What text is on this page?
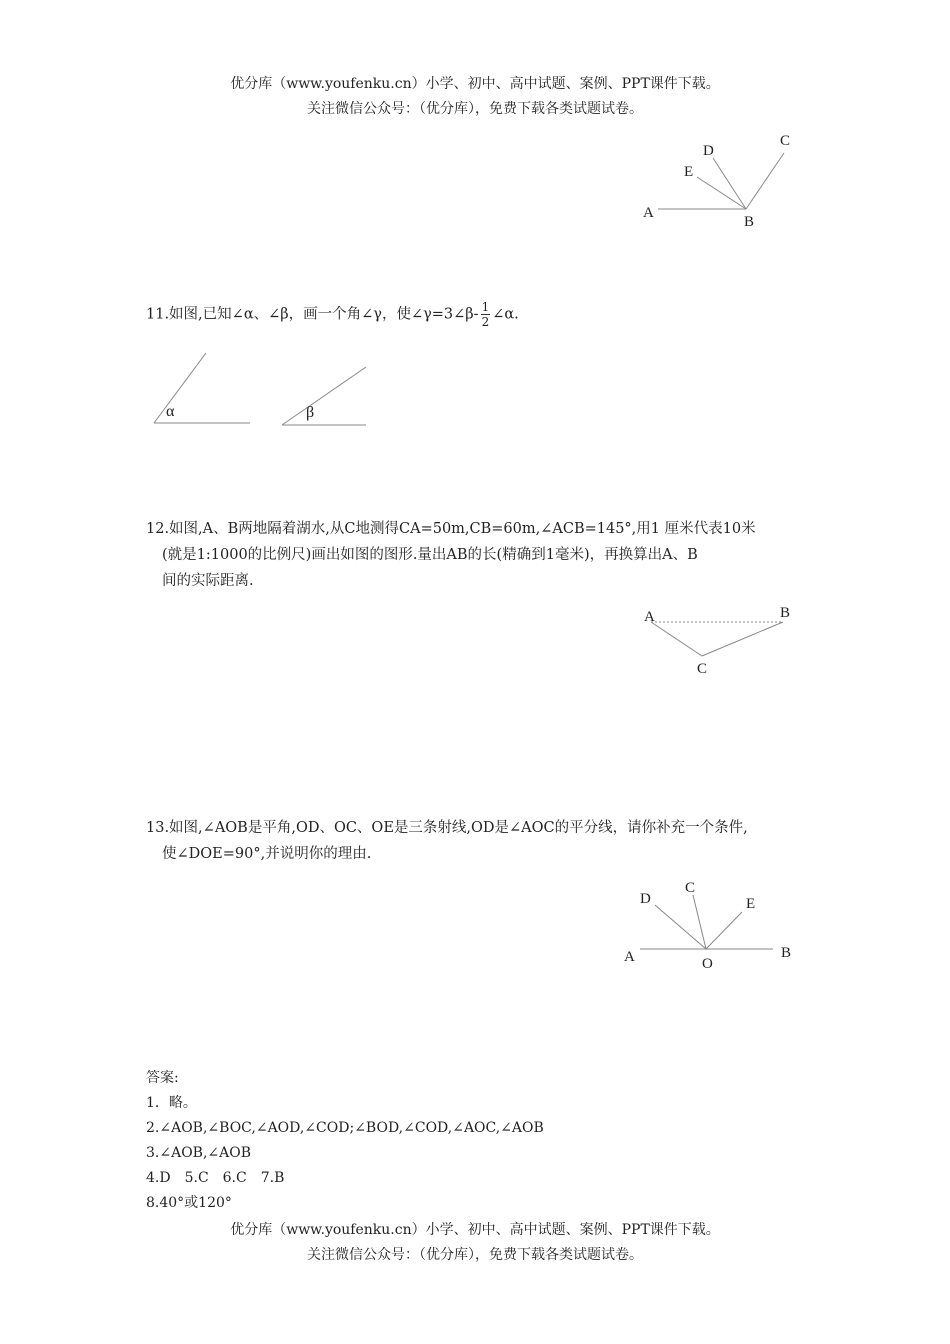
优分库（www.youfenku.cn）小学、初中、高中试题、案例、PPT课件下载。
关注微信公众号：（优分库），免费下载各类试题试卷。
A
B
C
D
E

11.如图,已知∠α、∠β，画一个角∠γ，使∠γ=3∠β- $\frac{1}{2}$ ∠α.

α	β

12.如图,A、B两地隔着湖水,从C地测得CA=50m,CB=60m,∠ACB=145°,用1 厘米代表10米

(就是1:1000的比例尺)画出如图的图形.量出AB的长(精确到1毫米)，再换算出A、B

间的实际距离.

A	B
C

13.如图,∠AOB是平角,OD、OC、OE是三条射线,OD是∠AOC的平分线，请你补充一个条件,

使∠DOE=90°,并说明你的理由.

A	B
C
D	E
O
答案:
1．略。
2.∠AOB,∠BOC,∠AOD,∠COD;∠BOD,∠COD,∠AOC,∠AOB
3.∠AOB,∠AOB
4.D　5.C　6.C　7.B
8.40°或120°
优分库（www.youfenku.cn）小学、初中、高中试题、案例、PPT课件下载。
关注微信公众号：（优分库），免费下载各类试题试卷。
